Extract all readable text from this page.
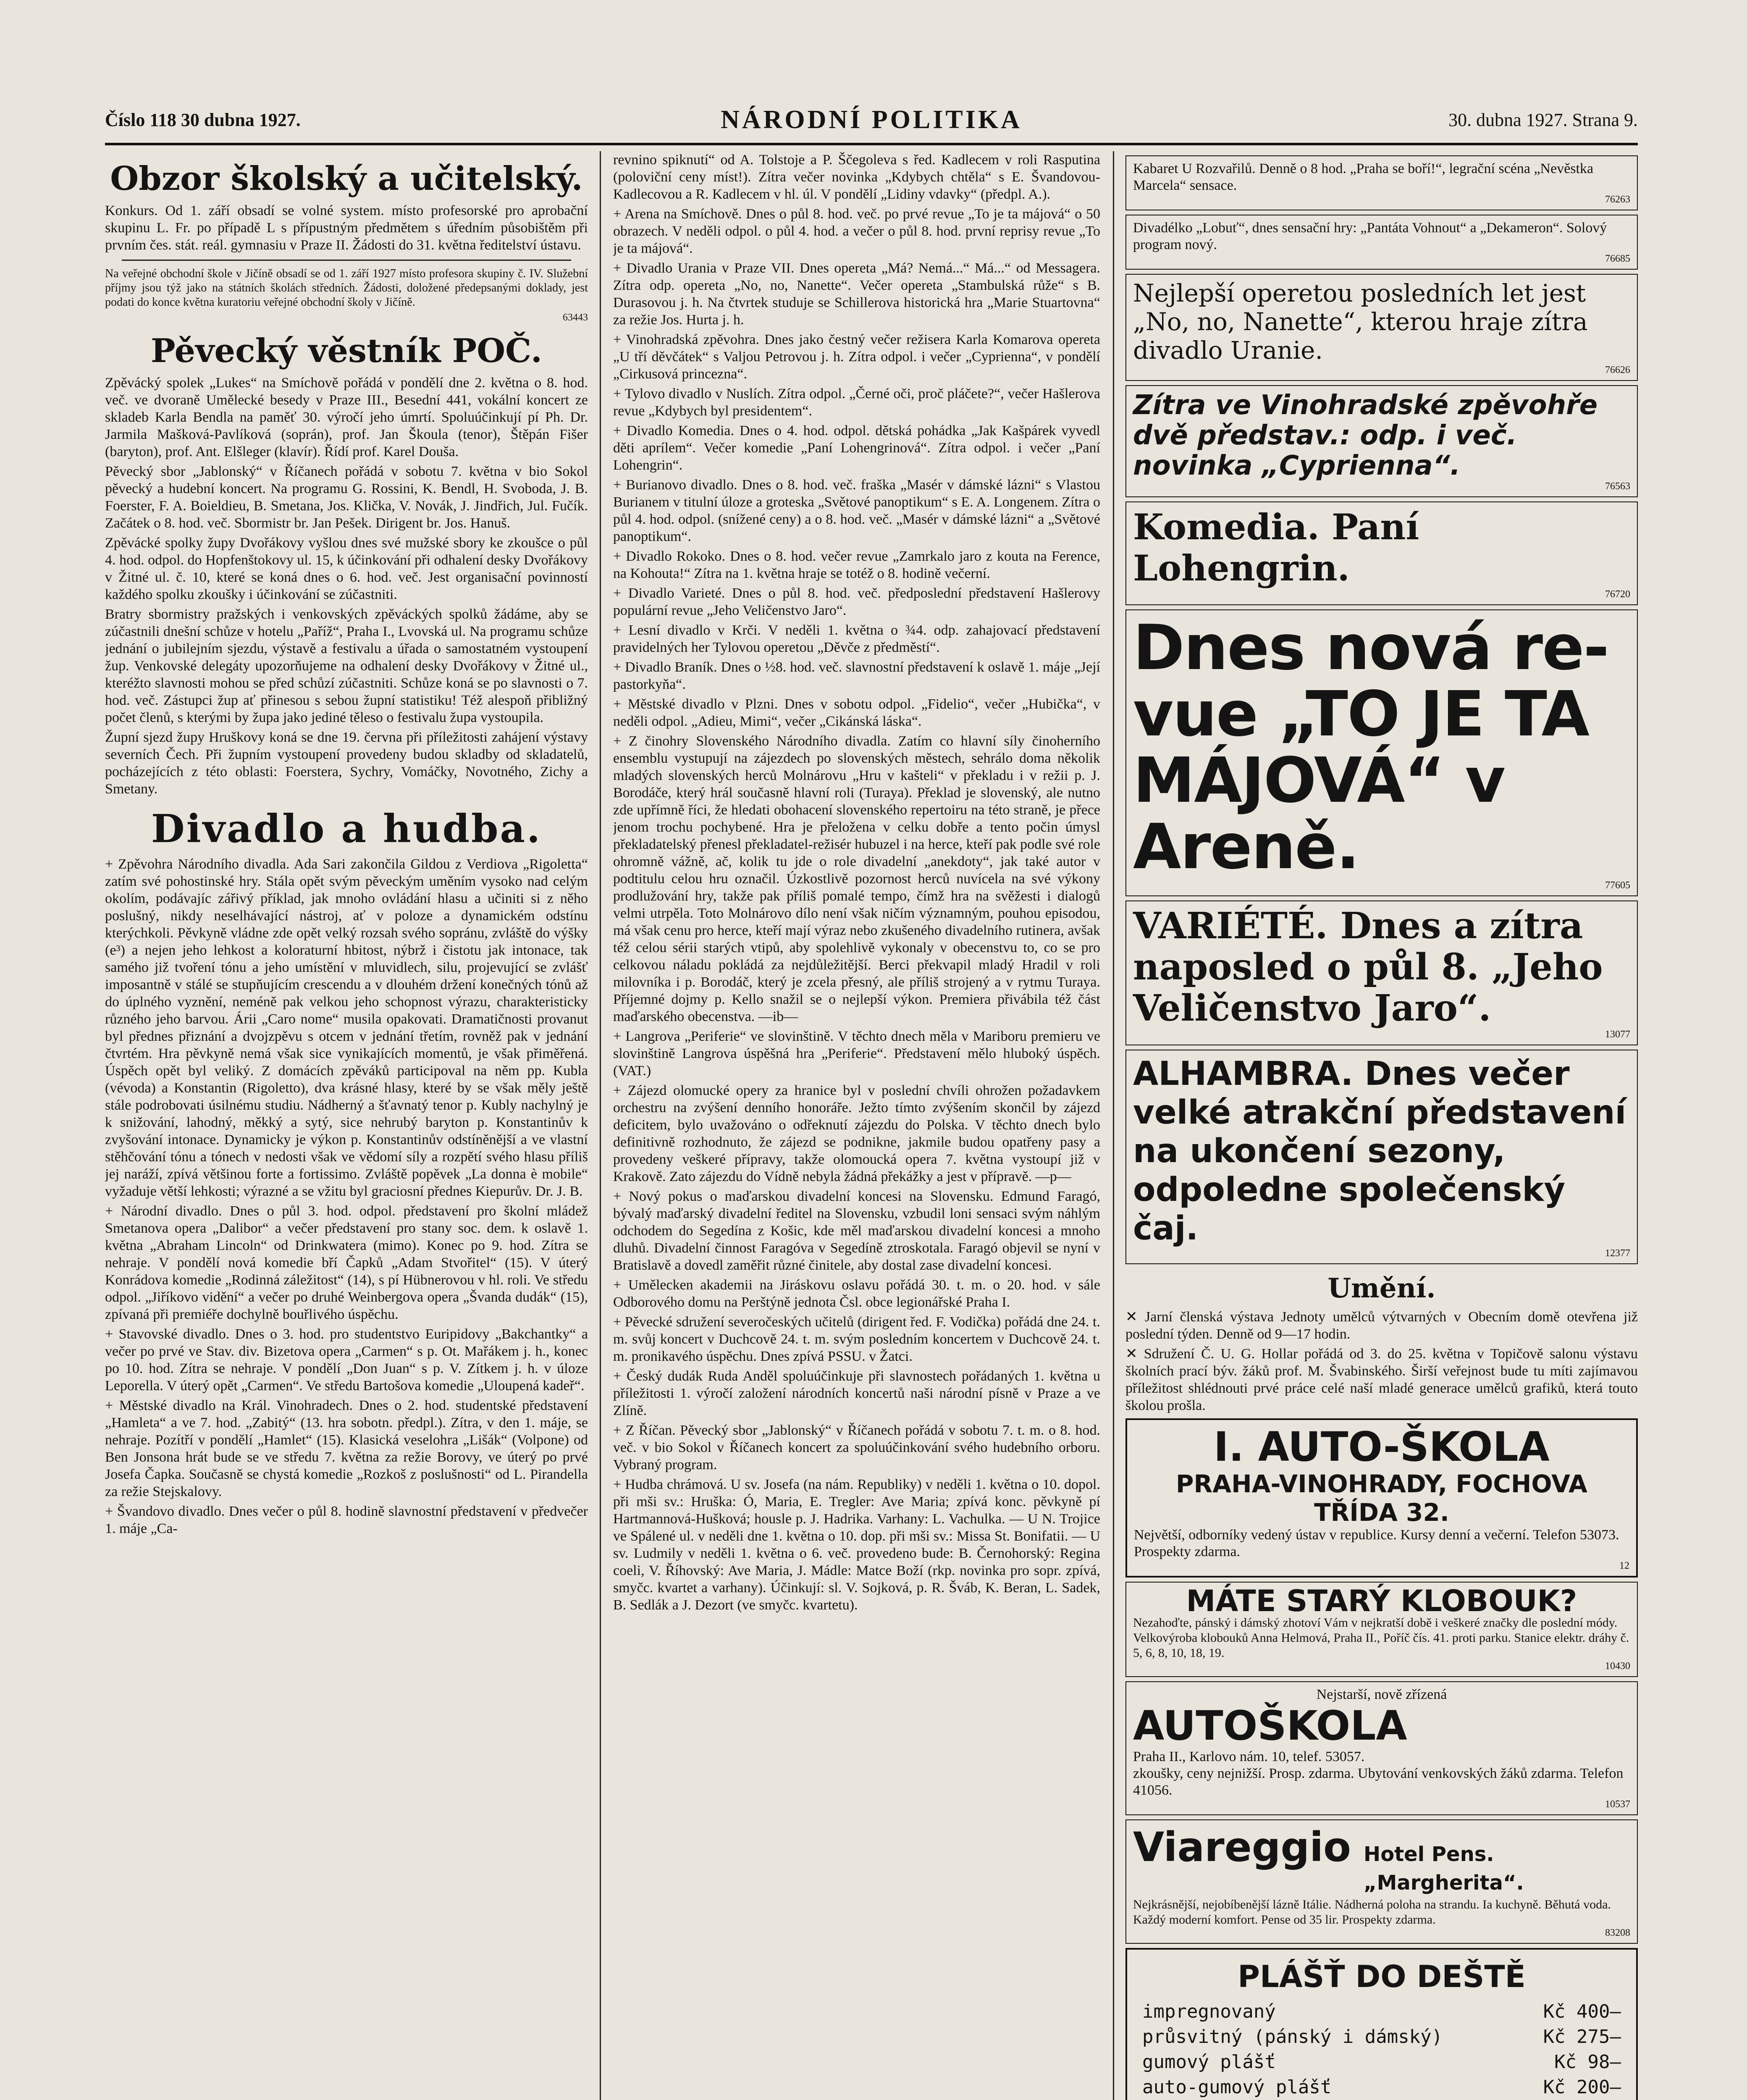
Číslo 118 30 dubna 1927.	NÁRODNÍ POLITIKA	30. dubna 1927. Strana 9.
Obzor školský a učitelský.

Konkurs. Od 1. září obsadí se volné system. místo profesorské pro aprobační skupinu L. Fr. po případě L s přípustným předmětem s úředním působištěm při prvním čes. stát. reál. gymnasiu v Praze II. Žádosti do 31. května ředitelství ústavu.

Na veřejné obchodní škole v Jičíně obsadí se od 1. září 1927 místo profesora skupiny č. IV. Služební příjmy jsou týž jako na státních školách středních. Žádosti, doložené předepsanými doklady, jest podati do konce května kuratoriu veřejné obchodní školy v Jičíně.

63443
Pěvecký věstník POČ.

Zpěvácký spolek „Lukes“ na Smíchově pořádá v pondělí dne 2. května o 8. hod. več. ve dvoraně Umělecké besedy v Praze III., Besední 441, vokální koncert ze skladeb Karla Bendla na paměť 30. výročí jeho úmrtí. Spoluúčinkují pí Ph. Dr. Jarmila Mašková-Pavlíková (soprán), prof. Jan Škoula (tenor), Štěpán Fišer (baryton), prof. Ant. Elšleger (klavír). Řídí prof. Karel Douša.

Pěvecký sbor „Jablonský“ v Říčanech pořádá v sobotu 7. května v bio Sokol pěvecký a hudební koncert. Na programu G. Rossini, K. Bendl, H. Svoboda, J. B. Foerster, F. A. Boieldieu, B. Smetana, Jos. Klička, V. Novák, J. Jindřich, Jul. Fučík. Začátek o 8. hod. več. Sbormistr br. Jan Pešek. Dirigent br. Jos. Hanuš.

Zpěvácké spolky župy Dvořákovy vyšlou dnes své mužské sbory ke zkoušce o půl 4. hod. odpol. do Hopfenštokovy ul. 15, k účinkování při odhalení desky Dvořákovy v Žitné ul. č. 10, které se koná dnes o 6. hod. več. Jest organisační povinností každého spolku zkoušky i účinkování se zúčastniti.

Bratry sbormistry pražských i venkovských zpěváckých spolků žádáme, aby se zúčastnili dnešní schůze v hotelu „Paříž“, Praha I., Lvovská ul. Na programu schůze jednání o jubilejním sjezdu, výstavě a festivalu a úřada o samostatném vystoupení žup. Venkovské delegáty upozorňujeme na odhalení desky Dvořákovy v Žitné ul., kteréžto slavnosti mohou se před schůzí zúčastniti. Schůze koná se po slavnosti o 7. hod. več. Zástupci žup ať přinesou s sebou župní statistiku! Též alespoň přibližný počet členů, s kterými by župa jako jediné těleso o festivalu župa vystoupila.

Župní sjezd župy Hruškovy koná se dne 19. června při příležitosti zahájení výstavy severních Čech. Při župním vystoupení provedeny budou skladby od skladatelů, pocházejících z této oblasti: Foerstera, Sychry, Vomáčky, Novotného, Zichy a Smetany.

Divadlo a hudba.

+ Zpěvohra Národního divadla. Ada Sari zakončila Gildou z Verdiova „Rigoletta“ zatím své pohostinské hry. Stála opět svým pěveckým uměním vysoko nad celým okolím, podávajíc zářivý příklad, jak mnoho ovládání hlasu a učiniti si z něho poslušný, nikdy neselhávající nástroj, ať v poloze a dynamickém odstínu kterýchkoli. Pěvkyně vládne zde opět velký rozsah svého sopránu, zvláště do výšky (e³) a nejen jeho lehkost a koloraturní hbitost, nýbrž i čistotu jak intonace, tak samého již tvoření tónu a jeho umístění v mluvidlech, silu, projevující se zvlášť imposantně v stálé se stupňujícím crescendu a v dlouhém držení konečných tónů až do úplného vyznění, neméně pak velkou jeho schopnost výrazu, charakteristicky různého jeho barvou. Árii „Caro nome“ musila opakovati. Dramatičnosti provanut byl přednes přiznání a dvojzpěvu s otcem v jednání třetím, rovněž pak v jednání čtvrtém. Hra pěvkyně nemá však sice vynikajících momentů, je však přiměřená. Úspěch opět byl veliký. Z domácích zpěváků participoval na něm pp. Kubla (vévoda) a Konstantin (Rigoletto), dva krásné hlasy, které by se však měly ještě stále podrobovati úsilnému studiu. Nádherný a šťavnatý tenor p. Kubly nachylný je k snižování, lahodný, měkký a sytý, sice nehrubý baryton p. Konstantinův k zvyšování intonace. Dynamicky je výkon p. Konstantinův odstíněnější a ve vlastní stěhčování tónu a tónech v nedosti však ve vědomí síly a rozpětí svého hlasu příliš jej naráží, zpívá většinou forte a fortissimo. Zvláště popěvek „La donna è mobile“ vyžaduje větší lehkosti; výrazné a se vžitu byl graciosní přednes Kiepurův. Dr. J. B.

+ Národní divadlo. Dnes o půl 3. hod. odpol. představení pro školní mládež Smetanova opera „Dalibor“ a večer představení pro stany soc. dem. k oslavě 1. května „Abraham Lincoln“ od Drinkwatera (mimo). Konec po 9. hod. Zítra se nehraje. V pondělí nová komedie bří Čapků „Adam Stvořitel“ (15). V úterý Konrádova komedie „Rodinná záležitost“ (14), s pí Hübnerovou v hl. roli. Ve středu odpol. „Jiříkovo vidění“ a večer po druhé Weinbergova opera „Švanda dudák“ (15), zpívaná při premiéře dochylně bouřlivého úspěchu.

+ Stavovské divadlo. Dnes o 3. hod. pro studentstvo Euripidovy „Bakchantky“ a večer po prvé ve Stav. div. Bizetova opera „Carmen“ s p. Ot. Mařákem j. h., konec po 10. hod. Zítra se nehraje. V pondělí „Don Juan“ s p. V. Zítkem j. h. v úloze Leporella. V úterý opět „Carmen“. Ve středu Bartošova komedie „Uloupená kadeř“.

+ Městské divadlo na Král. Vinohradech. Dnes o 2. hod. studentské představení „Hamleta“ a ve 7. hod. „Zabitý“ (13. hra sobotn. předpl.). Zítra, v den 1. máje, se nehraje. Pozítří v pondělí „Hamlet“ (15). Klasická veselohra „Lišák“ (Volpone) od Ben Jonsona hrát bude se ve středu 7. května za režie Borovy, ve úterý po prvé Josefa Čapka. Současně se chystá komedie „Rozkoš z poslušnosti“ od L. Pirandella za režie Stejskalovy.

+ Švandovo divadlo. Dnes večer o půl 8. hodině slavnostní představení v předvečer 1. máje „Ca-

revnino spiknutí“ od A. Tolstoje a P. Ščegoleva s řed. Kadlecem v roli Rasputina (poloviční ceny míst!). Zítra večer novinka „Kdybych chtěla“ s E. Švandovou-Kadlecovou a R. Kadlecem v hl. úl. V pondělí „Lidiny vdavky“ (předpl. A.).

+ Arena na Smíchově. Dnes o půl 8. hod. več. po prvé revue „To je ta májová“ o 50 obrazech. V neděli odpol. o půl 4. hod. a večer o půl 8. hod. první reprisy revue „To je ta májová“.

+ Divadlo Urania v Praze VII. Dnes opereta „Má? Nemá...“ Má...“ od Messagera. Zítra odp. opereta „No, no, Nanette“. Večer opereta „Stambulská růže“ s B. Durasovou j. h. Na čtvrtek studuje se Schillerova historická hra „Marie Stuartovna“ za režie Jos. Hurta j. h.

+ Vinohradská zpěvohra. Dnes jako čestný večer režisera Karla Komarova opereta „U tří děvčátek“ s Valjou Petrovou j. h. Zítra odpol. i večer „Cyprienna“, v pondělí „Cirkusová princezna“.

+ Tylovo divadlo v Nuslích. Zítra odpol. „Černé oči, proč pláčete?“, večer Hašlerova revue „Kdybych byl presidentem“.

+ Divadlo Komedia. Dnes o 4. hod. odpol. dětská pohádka „Jak Kašpárek vyvedl děti aprílem“. Večer komedie „Paní Lohengrinová“. Zítra odpol. i večer „Paní Lohengrin“.

+ Burianovo divadlo. Dnes o 8. hod. več. fraška „Masér v dámské lázni“ s Vlastou Burianem v titulní úloze a groteska „Světové panoptikum“ s E. A. Longenem. Zítra o půl 4. hod. odpol. (snížené ceny) a o 8. hod. več. „Masér v dámské lázni“ a „Světové panoptikum“.

+ Divadlo Rokoko. Dnes o 8. hod. večer revue „Zamrkalo jaro z kouta na Ference, na Kohouta!“ Zítra na 1. května hraje se totéž o 8. hodině večerní.

+ Divadlo Varieté. Dnes o půl 8. hod. več. předposlední představení Hašlerovy populární revue „Jeho Veličenstvo Jaro“.

+ Lesní divadlo v Krči. V neděli 1. května o ¾4. odp. zahajovací představení pravidelných her Tylovou operetou „Děvče z předměstí“.

+ Divadlo Braník. Dnes o ½8. hod. več. slavnostní představení k oslavě 1. máje „Její pastorkyňa“.

+ Městské divadlo v Plzni. Dnes v sobotu odpol. „Fidelio“, večer „Hubička“, v neděli odpol. „Adieu, Mimi“, večer „Cikánská láska“.

+ Z činohry Slovenského Národního divadla. Zatím co hlavní síly činoherního ensemblu vystupují na zájezdech po slovenských městech, sehrálo doma několik mladých slovenských herců Molnárovu „Hru v kašteli“ v překladu i v režii p. J. Borodáče, který hrál současně hlavní roli (Turaya). Překlad je slovenský, ale nutno zde upřímně říci, že hledati obohacení slovenského repertoiru na této straně, je přece jenom trochu pochybené. Hra je přeložena v celku dobře a tento počin úmysl překladatelský přenesl překladatel-režisér hubuzel i na herce, kteří pak podle své role ohromně vážně, ač, kolik tu jde o role divadelní „anekdoty“, jak také autor v podtitulu celou hru označil. Úzkostlivě pozornost herců nuvícela na své výkony prodlužování hry, takže pak příliš pomalé tempo, čímž hra na svěžesti i dialogů velmi utrpěla. Toto Molnárovo dílo není však ničím významným, pouhou episodou, má však cenu pro herce, kteří mají výraz nebo zkušeného divadelního rutinera, avšak též celou sérii starých vtipů, aby spolehlivě vykonaly v obecenstvu to, co se pro celkovou náladu pokládá za nejdůležitější. Berci překvapil mladý Hradil v roli milovníka i p. Borodáč, který je zcela přesný, ale příliš strojený a v rytmu Turaya. Příjemné dojmy p. Kello snažil se o nejlepší výkon. Premiera přivábila též část maďarského obecenstva. —ib—

+ Langrova „Periferie“ ve slovinštině. V těchto dnech měla v Mariboru premieru ve slovinštině Langrova úspěšná hra „Periferie“. Představení mělo hluboký úspěch. (VAT.)

+ Zájezd olomucké opery za hranice byl v poslední chvíli ohrožen požadavkem orchestru na zvýšení denního honoráře. Ježto tímto zvýšením skončil by zájezd deficitem, bylo uvažováno o odřeknutí zájezdu do Polska. V těchto dnech bylo definitivně rozhodnuto, že zájezd se podnikne, jakmile budou opatřeny pasy a provedeny veškeré přípravy, takže olomoucká opera 7. května vystoupí již v Krakově. Zato zájezdu do Vídně nebyla žádná překážky a jest v přípravě. —p—

+ Nový pokus o maďarskou divadelní koncesi na Slovensku. Edmund Faragó, bývalý maďarský divadelní ředitel na Slovensku, vzbudil loni sensaci svým náhlým odchodem do Segedína z Košic, kde měl maďarskou divadelní koncesi a mnoho dluhů. Divadelní činnost Faragóva v Segedíně ztroskotala. Faragó objevil se nyní v Bratislavě a dovedl zaměřit různé činitele, aby dostal zase divadelní koncesi.

+ Umělecken akademii na Jiráskovu oslavu pořádá 30. t. m. o 20. hod. v sále Odborového domu na Perštýně jednota Čsl. obce legionářské Praha I.

+ Pěvecké sdružení severočeských učitelů (dirigent řed. F. Vodička) pořádá dne 24. t. m. svůj koncert v Duchcově 24. t. m. svým posledním koncertem v Duchcově 24. t. m. pronikavého úspěchu. Dnes zpívá PSSU. v Žatci.

+ Český dudák Ruda Anděl spoluúčinkuje při slavnostech pořádaných 1. května u příležitosti 1. výročí založení národních koncertů naši národní písně v Praze a ve Zlíně.

+ Z Říčan. Pěvecký sbor „Jablonský“ v Říčanech pořádá v sobotu 7. t. m. o 8. hod. več. v bio Sokol v Říčanech koncert za spoluúčinkování svého hudebního orboru. Vybraný program.

+ Hudba chrámová. U sv. Josefa (na nám. Republiky) v neděli 1. května o 10. dopol. při mši sv.: Hruška: Ó, Maria, E. Tregler: Ave Maria; zpívá konc. pěvkyně pí Hartmannová-Hušková; housle p. J. Hadrika. Varhany: L. Vachulka. — U N. Trojice ve Spálené ul. v neděli dne 1. května o 10. dop. při mši sv.: Missa St. Bonifatii. — U sv. Ludmily v neděli 1. května o 6. več. provedeno bude: B. Černohorský: Regina coeli, V. Říhovský: Ave Maria, J. Mádle: Matce Boží (rkp. novinka pro sopr. zpívá, smyčc. kvartet a varhany). Účinkují: sl. V. Sojková, p. R. Šváb, K. Beran, L. Sadek, B. Sedlák a J. Dezort (ve smyčc. kvartetu).

Kabaret U Rozvařilů. Denně o 8 hod. „Praha se boří!“, legrační scéna „Nevěstka Marcela“ sensace.
76263
Divadélko „Lobuť“, dnes sensační hry: „Pantáta Vohnout“ a „Dekameron“. Solový program nový.
76685
Nejlepší operetou posledních let jest „No, no, Nanette“, kterou hraje zítra divadlo Uranie.
76626
Zítra ve Vinohradské zpěvohře dvě představ.: odp. i več. novinka „Cyprienna“.
76563
Komedia. Paní Lohengrin.
76720
Dnes nová re-
vue „TO JE TA
MÁJOVÁ“ v
Areně.
77605
VARIÉTÉ. Dnes a zítra naposled o půl 8. „Jeho Veličenstvo Jaro“.
13077
ALHAMBRA. Dnes večer velké atrakční představení na ukončení sezony, odpoledne společenský čaj.
12377
Umění.

✕ Jarní členská výstava Jednoty umělců výtvarných v Obecním domě otevřena již poslední týden. Denně od 9—17 hodin.

✕ Sdružení Č. U. G. Hollar pořádá od 3. do 25. května v Topičově salonu výstavu školních prací býv. žáků prof. M. Švabinského. Širší veřejnost bude tu míti zajímavou příležitost shlédnouti prvé práce celé naší mladé generace umělců grafiků, která touto školou prošla.

I. AUTO-ŠKOLA
PRAHA-VINOHRADY, FOCHOVA TŘÍDA 32.
Největší, odborníky vedený ústav v republice. Kursy denní a večerní. Telefon 53073. Prospekty zdarma.
12
MÁTE STARÝ KLOBOUK?
Nezahoďte, pánský i dámský zhotoví Vám v nejkratší době i veškeré značky dle poslední módy. Velkovýroba klobouků Anna Helmová, Praha II., Poříč čís. 41. proti parku. Stanice elektr. dráhy č. 5, 6, 8, 10, 18, 19.
10430
Nejstarší, nově zřízená
AUTOŠKOLA
Praha II., Karlovo nám. 10, telef. 53057.
zkoušky, ceny nejnižší. Prosp. zdarma. Ubytování venkovských žáků zdarma. Telefon 41056.
10537
Viareggio Hotel Pens. „Margherita“.
Nejkrásnější, nejobíbenější lázně Itálie. Nádherná poloha na strandu. Ia kuchyně. Běhutá voda. Každý moderní komfort. Pense od 35 lir. Prospekty zdarma.
83208
PLÁŠŤ DO DEŠTĚ
impregnovaný	Kč 400—
průsvitný (pánský i dámský)	Kč 275—
gumový plášť	Kč 98—
auto-gumový plášť	Kč 200—
